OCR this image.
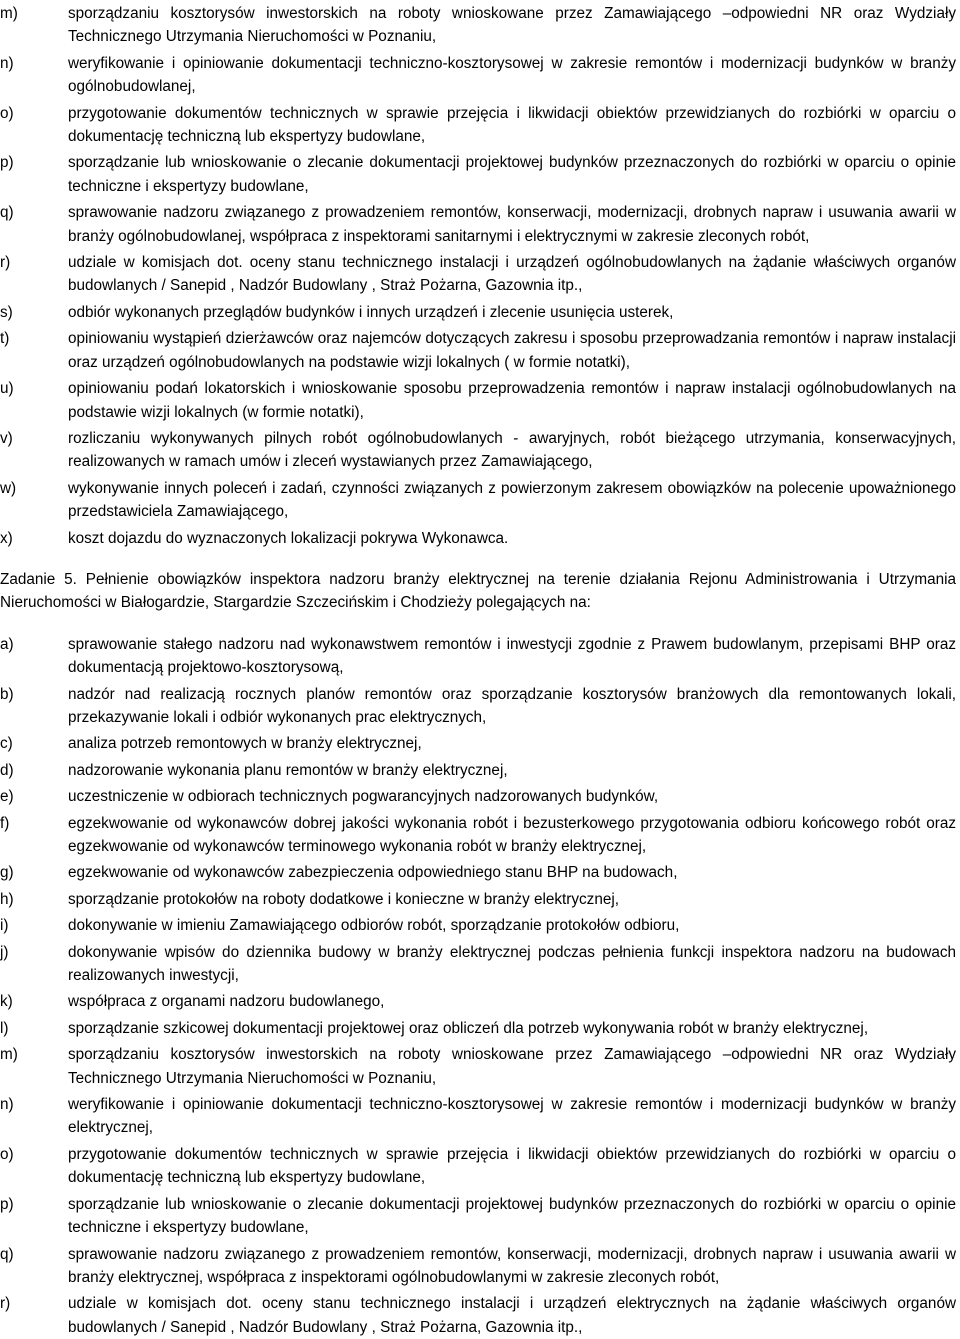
m)	sporządzaniu kosztorysów inwestorskich na roboty wnioskowane przez Zamawiającego –odpowiedni NR oraz Wydziały Technicznego Utrzymania Nieruchomości w Poznaniu,
n)	weryfikowanie i opiniowanie dokumentacji techniczno-kosztorysowej w zakresie remontów i modernizacji budynków w branży ogólnobudowlanej,
o)	przygotowanie dokumentów technicznych w sprawie przejęcia i likwidacji obiektów przewidzianych do rozbiórki w oparciu o dokumentację techniczną lub ekspertyzy budowlane,
p)	sporządzanie lub wnioskowanie o zlecanie dokumentacji projektowej budynków przeznaczonych do rozbiórki w oparciu o opinie techniczne i ekspertyzy budowlane,
q)	sprawowanie nadzoru związanego z prowadzeniem remontów, konserwacji, modernizacji, drobnych napraw i usuwania awarii w branży ogólnobudowlanej, współpraca z inspektorami sanitarnymi i elektrycznymi w zakresie zleconych robót,
r)	udziale w komisjach dot. oceny stanu technicznego instalacji i urządzeń ogólnobudowlanych na żądanie właściwych organów budowlanych / Sanepid , Nadzór Budowlany , Straż Pożarna, Gazownia itp.,
s)	odbiór wykonanych przeglądów budynków i innych urządzeń i zlecenie usunięcia usterek,
t)	opiniowaniu wystąpień dzierżawców oraz najemców dotyczących zakresu i sposobu przeprowadzania remontów i napraw instalacji oraz urządzeń ogólnobudowlanych na podstawie wizji lokalnych ( w formie notatki),
u)	opiniowaniu podań lokatorskich i wnioskowanie sposobu przeprowadzenia remontów i napraw instalacji ogólnobudowlanych na podstawie wizji lokalnych (w formie notatki),
v)	rozliczaniu wykonywanych pilnych robót ogólnobudowlanych - awaryjnych, robót bieżącego utrzymania, konserwacyjnych, realizowanych w ramach umów i zleceń wystawianych przez Zamawiającego,
w)	wykonywanie innych poleceń i zadań, czynności związanych z powierzonym zakresem obowiązków na polecenie upoważnionego przedstawiciela Zamawiającego,
x)	koszt dojazdu do wyznaczonych lokalizacji pokrywa Wykonawca.
Zadanie 5. Pełnienie obowiązków inspektora nadzoru branży elektrycznej na terenie działania Rejonu Administrowania i Utrzymania Nieruchomości w Białogardzie, Stargardzie Szczecińskim i Chodzieży polegających na:
a)	sprawowanie stałego nadzoru nad wykonawstwem remontów i inwestycji zgodnie z Prawem budowlanym, przepisami BHP oraz dokumentacją projektowo-kosztorysową,
b)	nadzór nad realizacją rocznych planów remontów oraz sporządzanie kosztorysów branżowych dla remontowanych lokali, przekazywanie lokali i odbiór wykonanych prac elektrycznych,
c)	analiza potrzeb remontowych w branży elektrycznej,
d)	nadzorowanie wykonania planu remontów w branży elektrycznej,
e)	uczestniczenie w odbiorach technicznych pogwarancyjnych nadzorowanych budynków,
f)	egzekwowanie od wykonawców dobrej jakości wykonania robót i bezusterkowego przygotowania odbioru końcowego robót oraz egzekwowanie od wykonawców terminowego wykonania robót w branży elektrycznej,
g)	egzekwowanie od wykonawców zabezpieczenia odpowiedniego stanu BHP na budowach,
h)	sporządzanie protokołów na roboty dodatkowe i konieczne w branży elektrycznej,
i)	dokonywanie w imieniu Zamawiającego odbiorów robót, sporządzanie protokołów odbioru,
j)	dokonywanie wpisów do dziennika budowy w branży elektrycznej podczas pełnienia funkcji inspektora nadzoru na budowach realizowanych inwestycji,
k)	współpraca z organami nadzoru budowlanego,
l)	sporządzanie szkicowej dokumentacji projektowej oraz obliczeń dla potrzeb wykonywania robót w branży elektrycznej,
m)	sporządzaniu kosztorysów inwestorskich na roboty wnioskowane przez Zamawiającego –odpowiedni NR oraz Wydziały Technicznego Utrzymania Nieruchomości w Poznaniu,
n)	weryfikowanie i opiniowanie dokumentacji techniczno-kosztorysowej w zakresie remontów i modernizacji budynków w branży elektrycznej,
o)	przygotowanie dokumentów technicznych w sprawie przejęcia i likwidacji obiektów przewidzianych do rozbiórki w oparciu o dokumentację techniczną lub ekspertyzy budowlane,
p)	sporządzanie lub wnioskowanie o zlecanie dokumentacji projektowej budynków przeznaczonych do rozbiórki w oparciu o opinie techniczne i ekspertyzy budowlane,
q)	sprawowanie nadzoru związanego z prowadzeniem remontów, konserwacji, modernizacji, drobnych napraw i usuwania awarii w branży elektrycznej, współpraca z inspektorami ogólnobudowlanymi w zakresie zleconych robót,
r)	udziale w komisjach dot. oceny stanu technicznego instalacji i urządzeń elektrycznych na żądanie właściwych organów budowlanych / Sanepid , Nadzór Budowlany , Straż Pożarna, Gazownia itp.,
